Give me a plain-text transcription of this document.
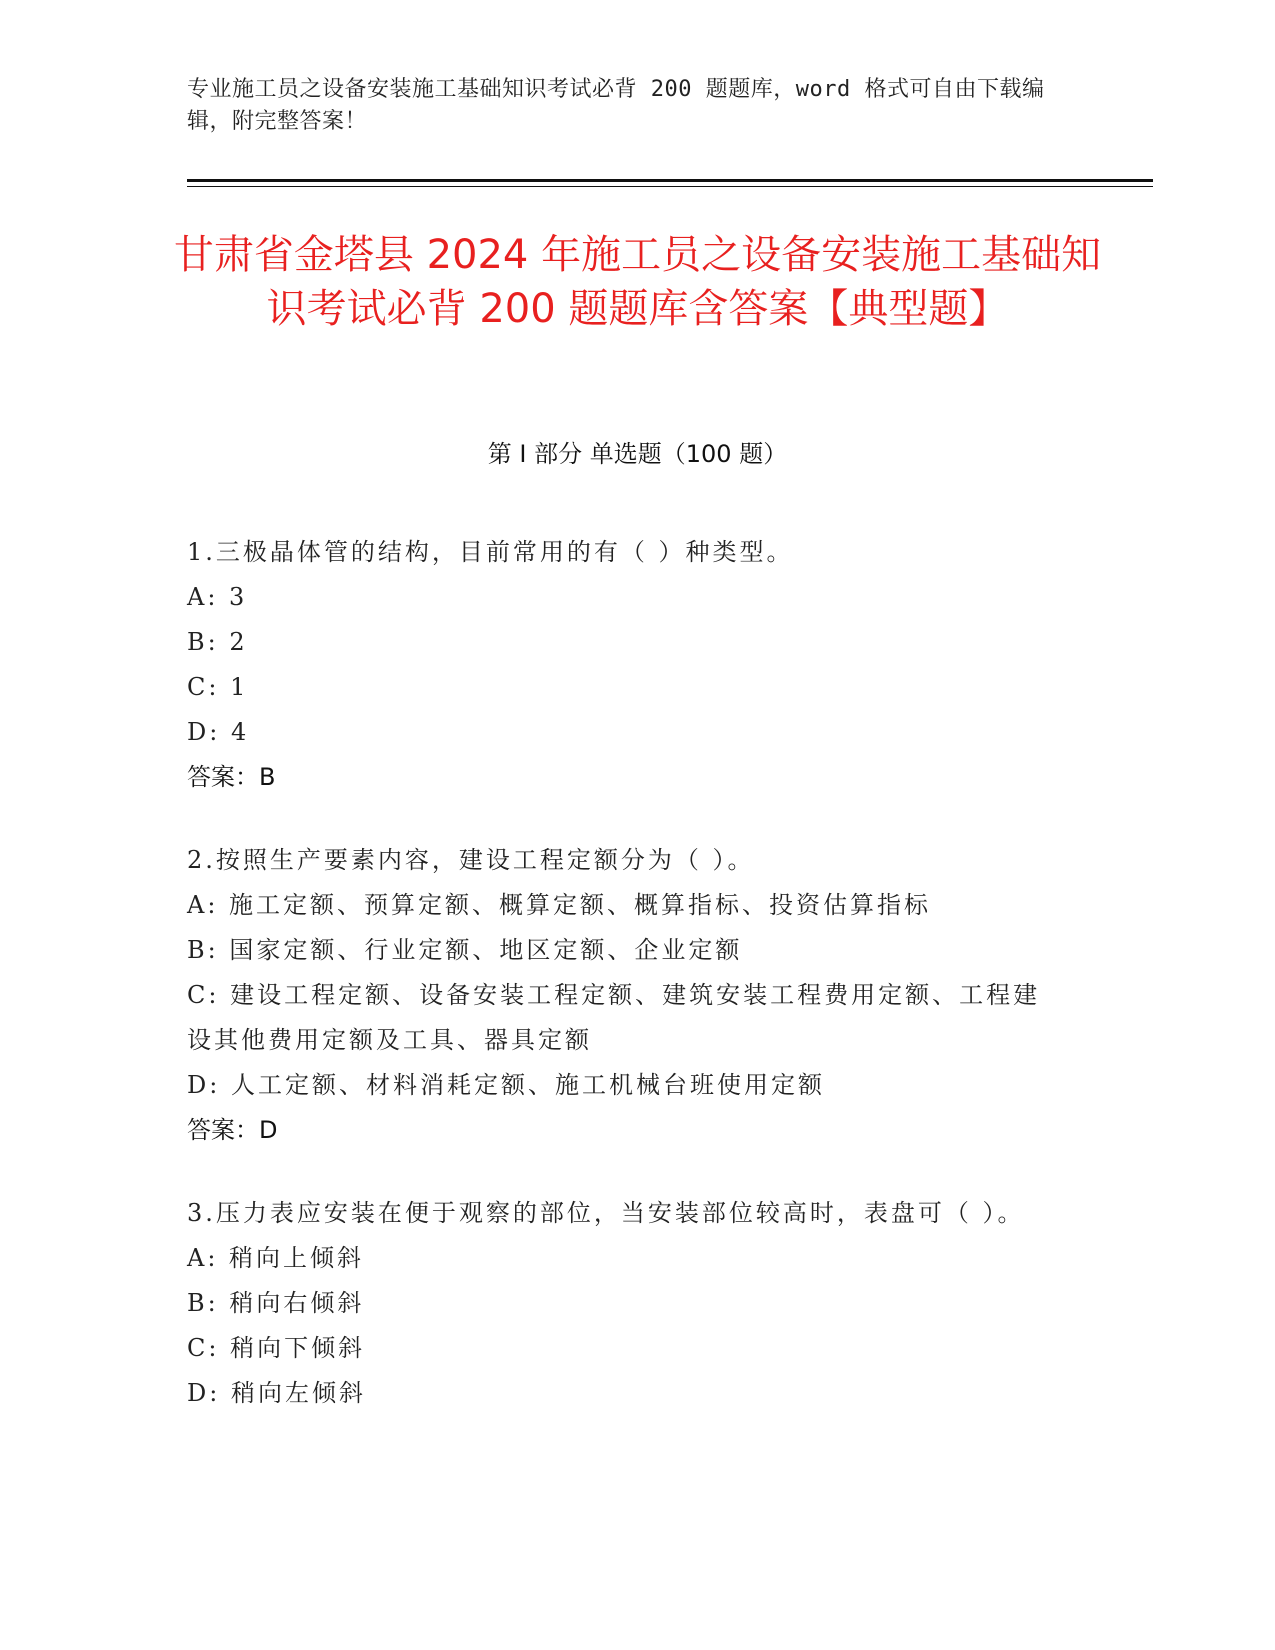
专业施工员之设备安装施工基础知识考试必背 200 题题库，word 格式可自由下载编辑，附完整答案！
甘肃省金塔县 2024 年施工员之设备安装施工基础知识考试必背 200 题题库含答案【典型题】
第 I 部分 单选题（100 题）

1.三极晶体管的结构，目前常用的有（ ）种类型。

A: 3

B: 2

C: 1

D: 4

答案：B

2.按照生产要素内容，建设工程定额分为（ ）。

A: 施工定额、预算定额、概算定额、概算指标、投资估算指标

B: 国家定额、行业定额、地区定额、企业定额

C: 建设工程定额、设备安装工程定额、建筑安装工程费用定额、工程建设其他费用定额及工具、器具定额

D: 人工定额、材料消耗定额、施工机械台班使用定额

答案：D

3.压力表应安装在便于观察的部位，当安装部位较高时，表盘可（ ）。

A: 稍向上倾斜

B: 稍向右倾斜

C: 稍向下倾斜

D: 稍向左倾斜
